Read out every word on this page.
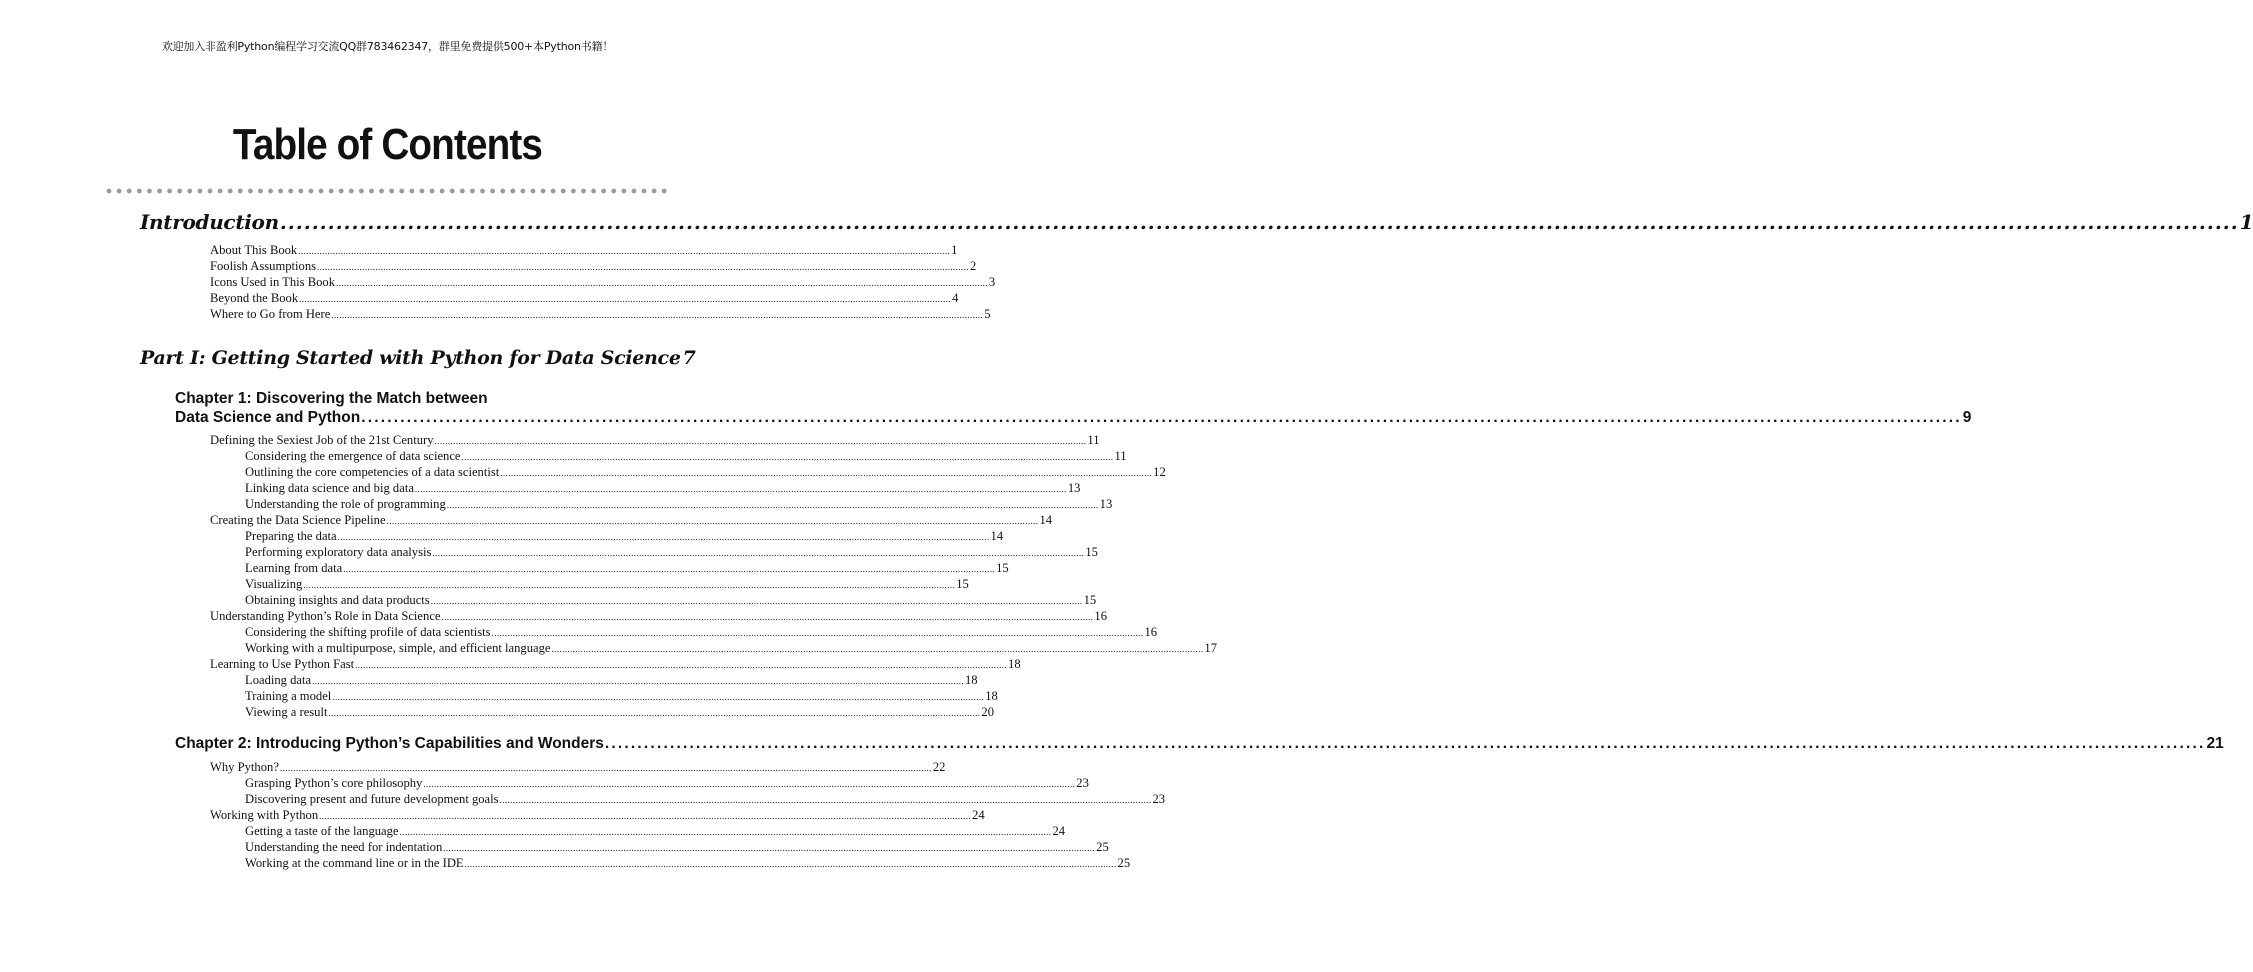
欢迎加入非盈利Python编程学习交流QQ群783462347，群里免费提供500+本Python书籍！
Table of Contents
Introduction .....	1
About This Book .....	1
Foolish Assumptions .....	2
Icons Used in This Book .....	3
Beyond the Book .....	4
Where to Go from Here .....	5
Part I: Getting Started with Python for Data Science 7
Chapter 1: Discovering the Match between
Data Science and Python .....	9
Defining the Sexiest Job of the 21st Century .....	11
Considering the emergence of data science .....	11
Outlining the core competencies of a data scientist .....	12
Linking data science and big data .....	13
Understanding the role of programming .....	13
Creating the Data Science Pipeline .....	14
Preparing the data .....	14
Performing exploratory data analysis .....	15
Learning from data .....	15
Visualizing .....	15
Obtaining insights and data products .....	15
Understanding Python’s Role in Data Science .....	16
Considering the shifting profile of data scientists .....	16
Working with a multipurpose, simple, and efficient language .....	17
Learning to Use Python Fast .....	18
Loading data .....	18
Training a model .....	18
Viewing a result .....	20
Chapter 2: Introducing Python’s Capabilities and Wonders .....	21
Why Python? .....	22
Grasping Python’s core philosophy .....	23
Discovering present and future development goals .....	23
Working with Python .....	24
Getting a taste of the language .....	24
Understanding the need for indentation .....	25
Working at the command line or in the IDE .....	25
